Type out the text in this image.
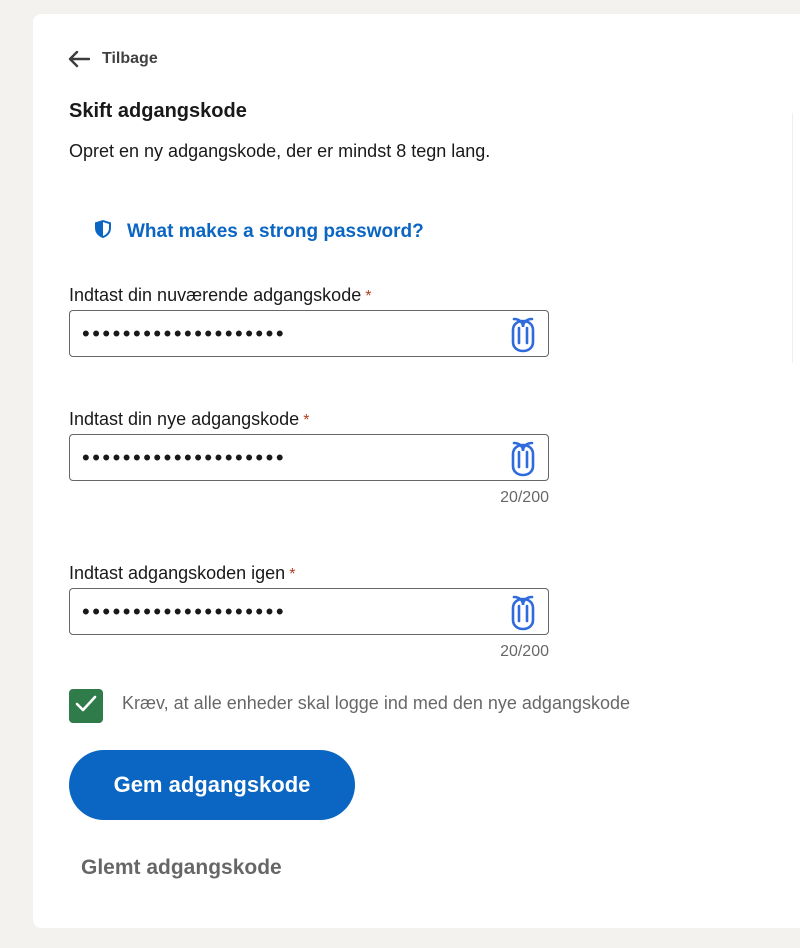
Tilbage
Skift adgangskode

Opret en ny adgangskode, der er mindst 8 tegn lang.

What makes a strong password?
Indtast din nuværende adgangskode *
••••••••••••••••••••
Indtast din nye adgangskode *
••••••••••••••••••••
20/200
Indtast adgangskoden igen *
••••••••••••••••••••
20/200
Kræv, at alle enheder skal logge ind med den nye adgangskode
Gem adgangskode
Glemt adgangskode
